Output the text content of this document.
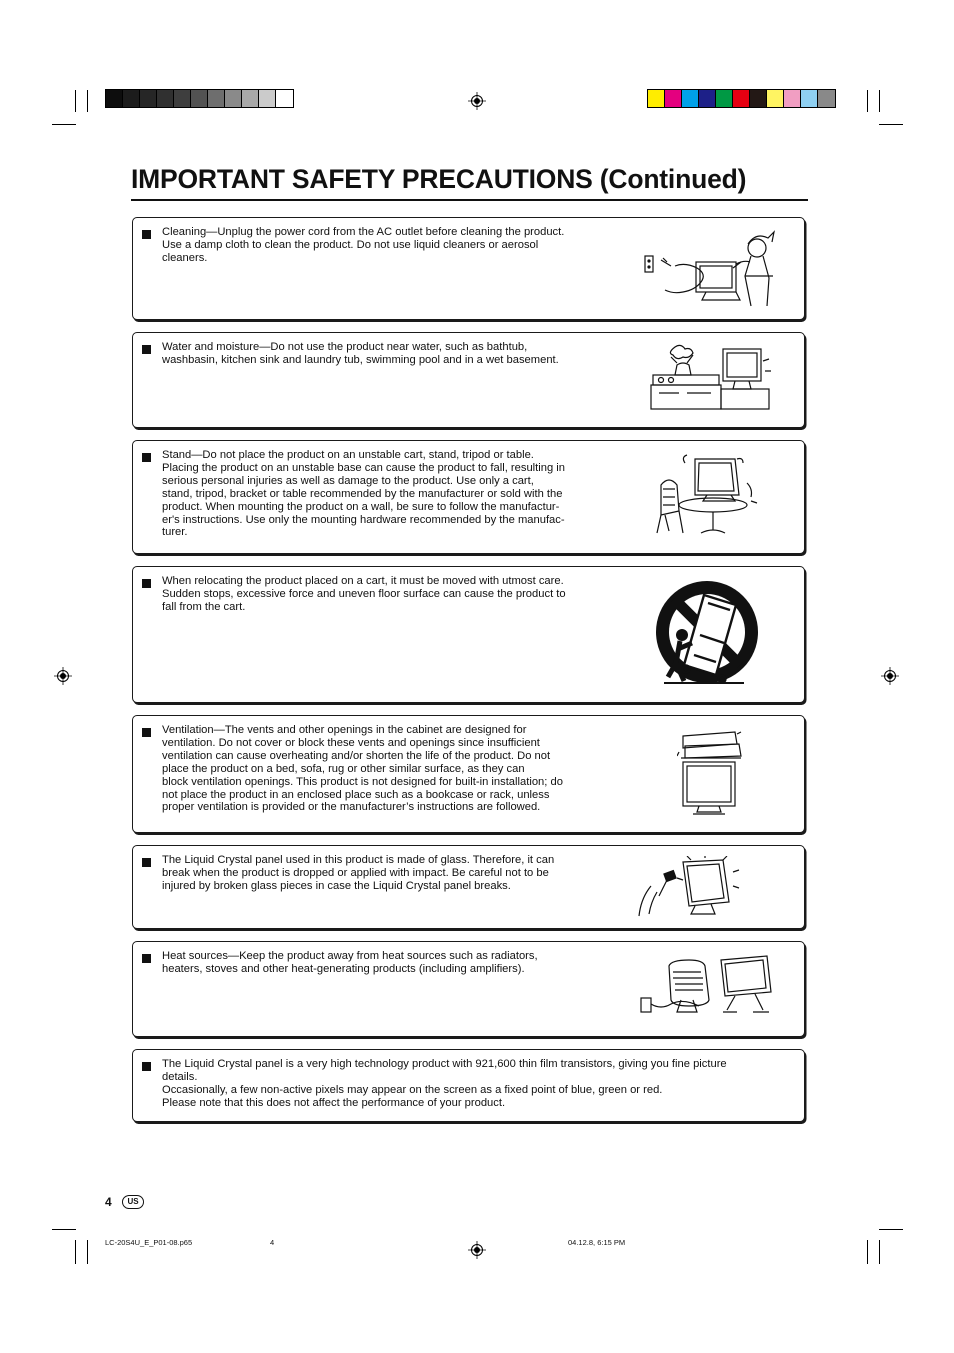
IMPORTANT SAFETY PRECAUTIONS (Continued)
Cleaning—Unplug the power cord from the AC outlet before cleaning the product.
Use a damp cloth to clean the product. Do not use liquid cleaners or aerosol
cleaners.
Water and moisture—Do not use the product near water, such as bathtub,
washbasin, kitchen sink and laundry tub, swimming pool and in a wet basement.
Stand—Do not place the product on an unstable cart, stand, tripod or table.
Placing the product on an unstable base can cause the product to fall, resulting in
serious personal injuries as well as damage to the product. Use only a cart,
stand, tripod, bracket or table recommended by the manufacturer or sold with the
product. When mounting the product on a wall, be sure to follow the manufactur-
er's instructions. Use only the mounting hardware recommended by the manufac-
turer.
When relocating the product placed on a cart, it must be moved with utmost care.
Sudden stops, excessive force and uneven floor surface can cause the product to
fall from the cart.
Ventilation—The vents and other openings in the cabinet are designed for
ventilation. Do not cover or block these vents and openings since insufficient
ventilation can cause overheating and/or shorten the life of the product. Do not
place the product on a bed, sofa, rug or other similar surface, as they can
block ventilation openings. This product is not designed for built-in installation; do
not place the product in an enclosed place such as a bookcase or rack, unless
proper ventilation is provided or the manufacturer’s instructions are followed.
The Liquid Crystal panel used in this product is made of glass. Therefore, it can
break when the product is dropped or applied with impact. Be careful not to be
injured by broken glass pieces in case the Liquid Crystal panel breaks.
Heat sources—Keep the product away from heat sources such as radiators,
heaters, stoves and other heat-generating products (including amplifiers).
The Liquid Crystal panel is a very high technology product with 921,600 thin film transistors, giving you fine picture
details.
Occasionally, a few non-active pixels may appear on the screen as a fixed point of blue, green or red.
Please note that this does not affect the performance of your product.
4	US
LC-20S4U_E_P01-08.p65	4	04.12.8, 6:15 PM
